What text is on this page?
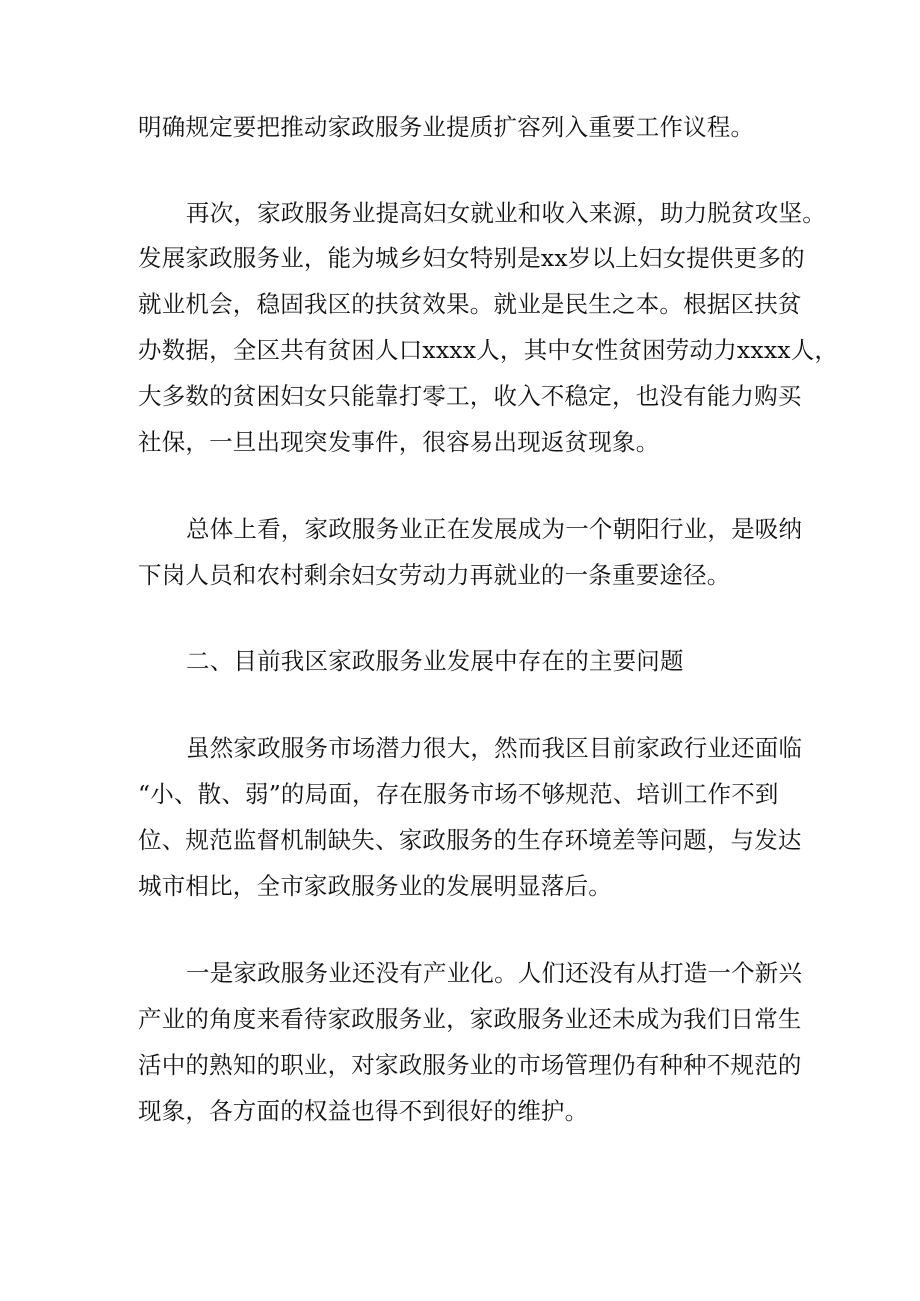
明确规定要把推动家政服务业提质扩容列入重要工作议程。
再次，家政服务业提高妇女就业和收入来源，助力脱贫攻坚。
发展家政服务业，能为城乡妇女特别是xx岁以上妇女提供更多的
就业机会，稳固我区的扶贫效果。就业是民生之本。根据区扶贫
办数据，全区共有贫困人口xxxx人，其中女性贫困劳动力xxxx人，
大多数的贫困妇女只能靠打零工，收入不稳定，也没有能力购买
社保，一旦出现突发事件，很容易出现返贫现象。
总体上看，家政服务业正在发展成为一个朝阳行业，是吸纳
下岗人员和农村剩余妇女劳动力再就业的一条重要途径。
二、目前我区家政服务业发展中存在的主要问题
虽然家政服务市场潜力很大，然而我区目前家政行业还面临
“小、散、弱”的局面，存在服务市场不够规范、培训工作不到
位、规范监督机制缺失、家政服务的生存环境差等问题，与发达
城市相比，全市家政服务业的发展明显落后。
一是家政服务业还没有产业化。人们还没有从打造一个新兴
产业的角度来看待家政服务业，家政服务业还未成为我们日常生
活中的熟知的职业，对家政服务业的市场管理仍有种种不规范的
现象，各方面的权益也得不到很好的维护。
